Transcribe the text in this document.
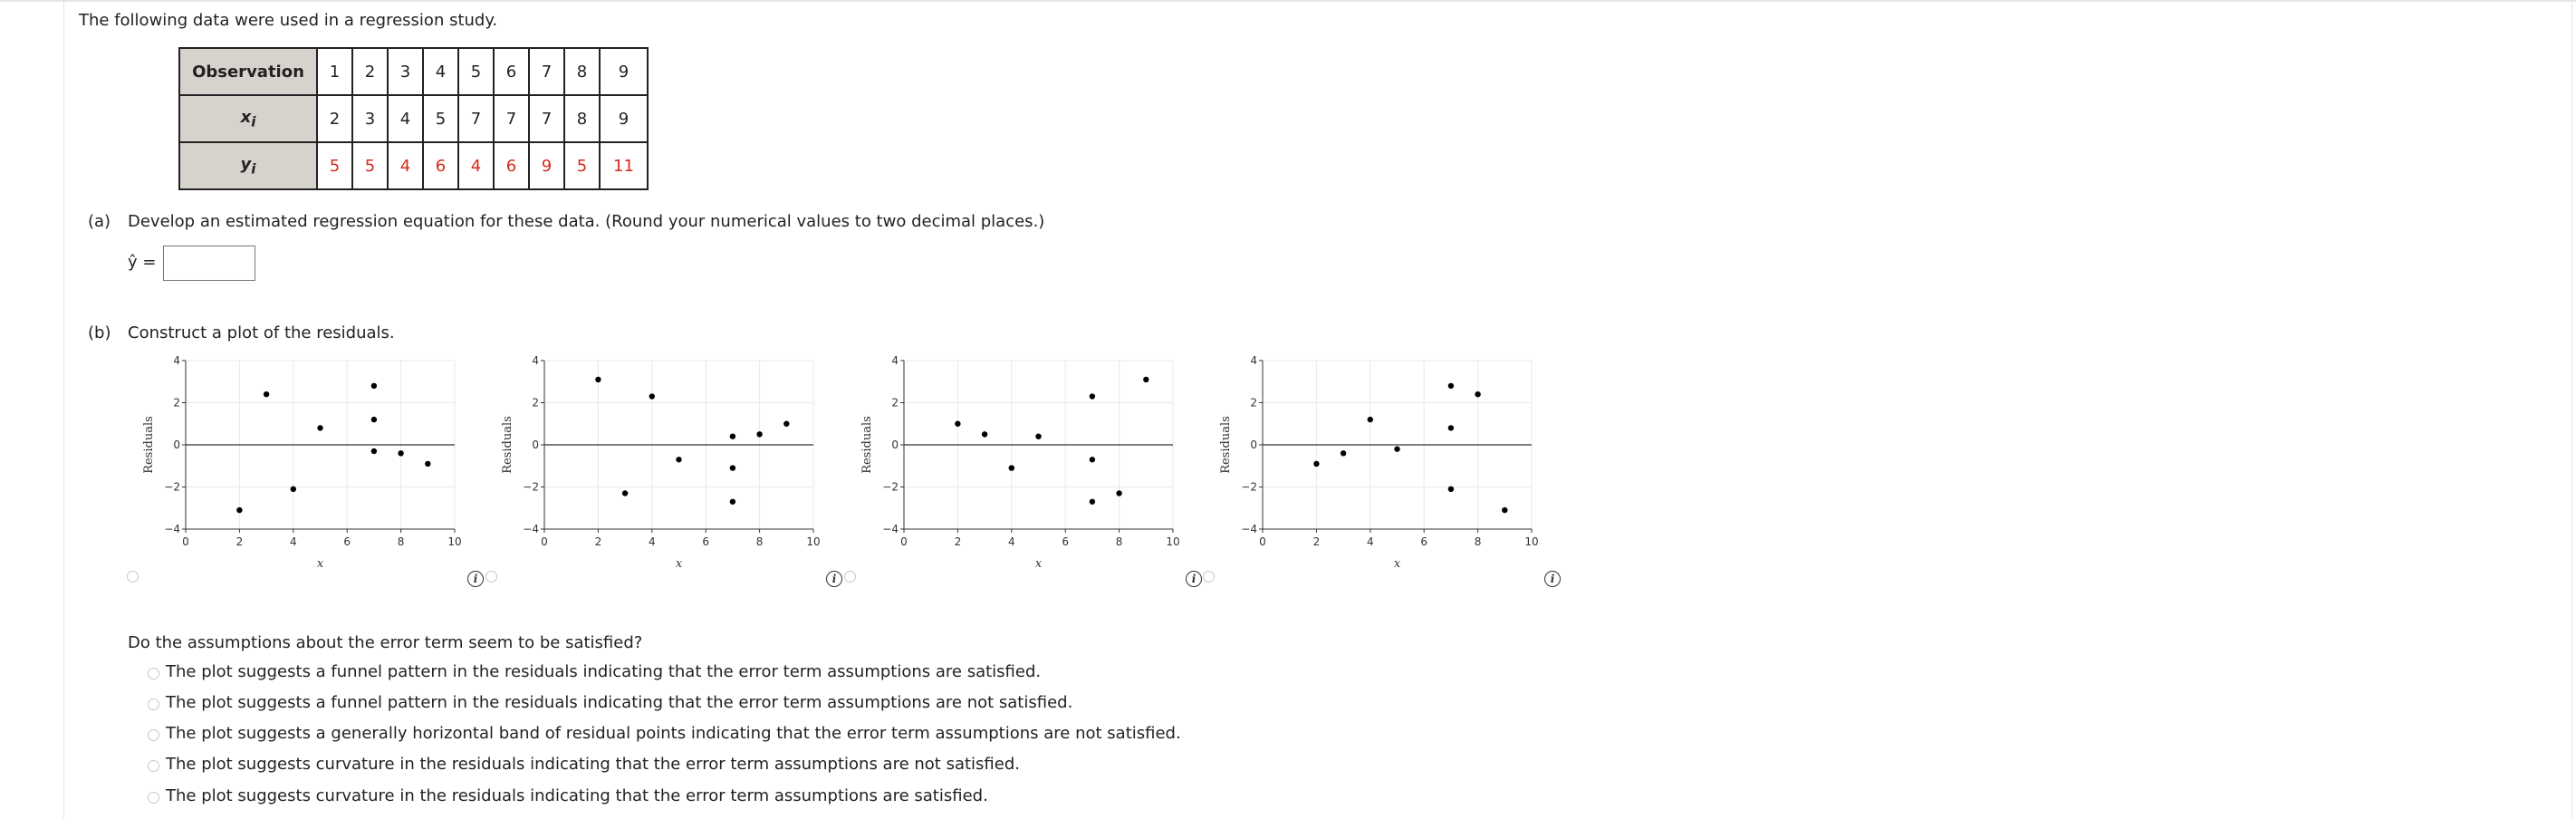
The following data were used in a regression study.
Observation	1	2	3	4	5	6	7	8	9
$x_i$	2	3	4	5	7	7	7	8	9
$y_i$	5	5	4	6	4	6	9	5	11
(a) Develop an estimated regression equation for these data. (Round your numerical values to two decimal places.)
ŷ =
(b) Construct a plot of the residuals.
4
2
0
−2
−4
0	2	4	6	8	10
x
Residuals
4
2
0
−2
−4
0	2	4	6	8	10
x
Residuals
4
2
0
−2
−4
0	2	4	6	8	10
x
Residuals
4
2
0
−2
−4
0	2	4	6	8	10
x
Residuals
i	i	i	i
Do the assumptions about the error term seem to be satisfied?
The plot suggests a funnel pattern in the residuals indicating that the error term assumptions are satisfied.
The plot suggests a funnel pattern in the residuals indicating that the error term assumptions are not satisfied.
The plot suggests a generally horizontal band of residual points indicating that the error term assumptions are not satisfied.
The plot suggests curvature in the residuals indicating that the error term assumptions are not satisfied.
The plot suggests curvature in the residuals indicating that the error term assumptions are satisfied.
